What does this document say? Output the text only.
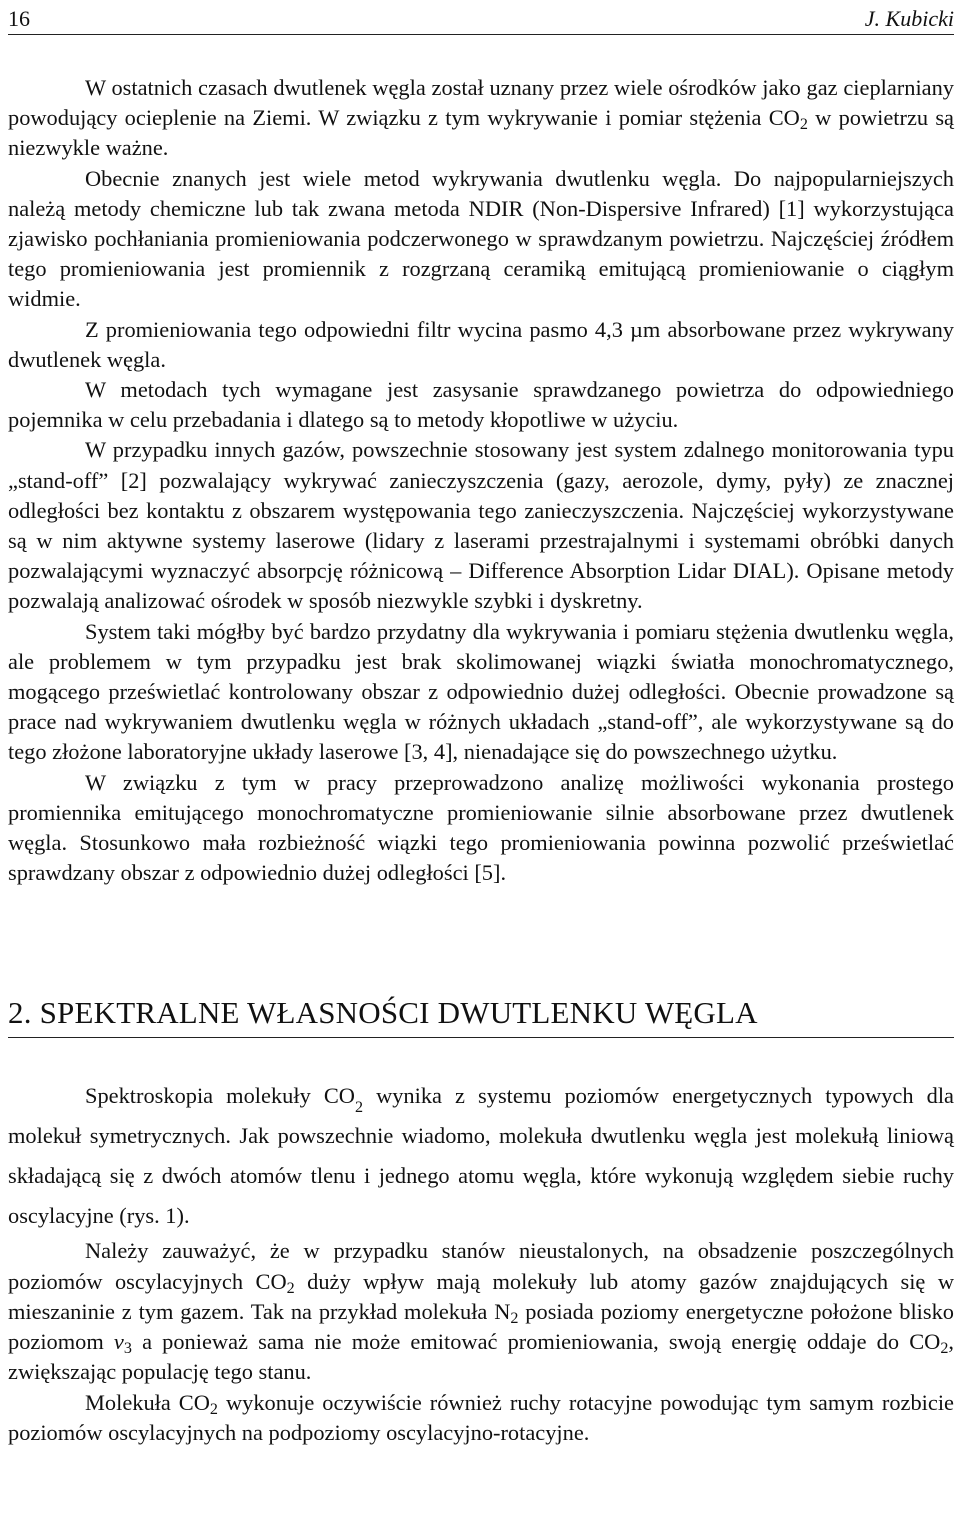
16	J. Kubicki

W ostatnich czasach dwutlenek węgla został uznany przez wiele ośrodków jako gaz cieplarniany powodujący ocieplenie na Ziemi. W związku z tym wykrywanie i pomiar stężenia $CO_2$ w powietrzu są niezwykle ważne.

Obecnie znanych jest wiele metod wykrywania dwutlenku węgla. Do najpopularniejszych należą metody chemiczne lub tak zwana metoda NDIR (Non-Dispersive Infrared) [1] wykorzystująca zjawisko pochłaniania promieniowania podczerwonego w sprawdzanym powietrzu. Najczęściej źródłem tego promieniowania jest promiennik z rozgrzaną ceramiką emitującą promieniowanie o ciągłym widmie.

Z promieniowania tego odpowiedni filtr wycina pasmo 4,3 µm absorbowane przez wykrywany dwutlenek węgla.

W metodach tych wymagane jest zasysanie sprawdzanego powietrza do odpowiedniego pojemnika w celu przebadania i dlatego są to metody kłopotliwe w użyciu.

W przypadku innych gazów, powszechnie stosowany jest system zdalnego monitorowania typu „stand-off” [2] pozwalający wykrywać zanieczyszczenia (gazy, aerozole, dymy, pyły) ze znacznej odległości bez kontaktu z obszarem występowania tego zanieczyszczenia. Najczęściej wykorzystywane są w nim aktywne systemy laserowe (lidary z laserami przestrajalnymi i systemami obróbki danych pozwalającymi wyznaczyć absorpcję różnicową – Difference Absorption Lidar DIAL). Opisane metody pozwalają analizować ośrodek w sposób niezwykle szybki i dyskretny.

System taki mógłby być bardzo przydatny dla wykrywania i pomiaru stężenia dwutlenku węgla, ale problemem w tym przypadku jest brak skolimowanej wiązki światła monochromatycznego, mogącego prześwietlać kontrolowany obszar z odpowiednio dużej odległości. Obecnie prowadzone są prace nad wykrywaniem dwutlenku węgla w różnych układach „stand-off”, ale wykorzystywane są do tego złożone laboratoryjne układy laserowe [3, 4], nienadające się do powszechnego użytku.

W związku z tym w pracy przeprowadzono analizę możliwości wykonania prostego promiennika emitującego monochromatyczne promieniowanie silnie absorbowane przez dwutlenek węgla. Stosunkowo mała rozbieżność wiązki tego promieniowania powinna pozwolić prześwietlać sprawdzany obszar z odpowiednio dużej odległości [5].

2. SPEKTRALNE WŁASNOŚCI DWUTLENKU WĘGLA

Spektroskopia molekuły $CO_2$ wynika z systemu poziomów energetycznych typowych dla molekuł symetrycznych. Jak powszechnie wiadomo, molekuła dwutlenku węgla jest molekułą liniową składającą się z dwóch atomów tlenu i jednego atomu węgla, które wykonują względem siebie ruchy oscylacyjne (rys. 1).

Należy zauważyć, że w przypadku stanów nieustalonych, na obsadzenie poszczególnych poziomów oscylacyjnych $CO_2$ duży wpływ mają molekuły lub atomy gazów znajdujących się w mieszaninie z tym gazem. Tak na przykład molekuła $N_2$ posiada poziomy energetyczne położone blisko poziomom $\nu_3$ a ponieważ sama nie może emitować promieniowania, swoją energię oddaje do $CO_2$, zwiększając populację tego stanu.

Molekuła $CO_2$ wykonuje oczywiście również ruchy rotacyjne powodując tym samym rozbicie poziomów oscylacyjnych na podpoziomy oscylacyjno-rotacyjne.
